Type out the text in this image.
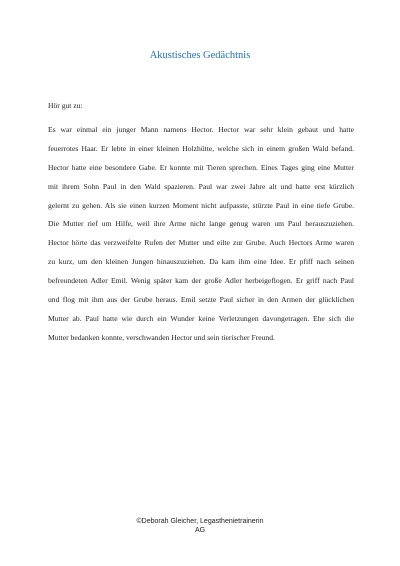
Akustisches Gedächtnis

Hör gut zu:

Es war einmal ein junger Mann namens Hector. Hector war sehr klein gebaut und hatte
feuerrotes Haar. Er lebte in einer kleinen Holzhütte, welche sich in einem großen Wald befand.
Hector hatte eine besondere Gabe. Er konnte mit Tieren sprechen. Eines Tages ging eine Mutter
mit ihrem Sohn Paul in den Wald spazieren. Paul war zwei Jahre alt und hatte erst kürzlich
gelernt zu gehen. Als sie einen kurzen Moment nicht aufpasste, stürzte Paul in eine tiefe Grube.
Die Mutter rief um Hilfe, weil ihre Arme nicht lange genug waren um Paul herauszuziehen.
Hector hörte das verzweifelte Rufen der Mutter und eilte zur Grube. Auch Hectors Arme waren
zu kurz, um den kleinen Jungen hinauszuziehen. Da kam ihm eine Idee. Er pfiff nach seinen
befreundeten Adler Emil. Wenig später kam der große Adler herbeigeflogen. Er griff nach Paul
und flog mit ihm aus der Grube heraus. Emil setzte Paul sicher in den Armen der glücklichen
Mutter ab. Paul hatte wie durch ein Wunder keine Verletzungen davongetragen. Ehe sich die
Mutter bedanken konnte, verschwanden Hector und sein tierischer Freund.
©Deborah Gleicher, Legasthenietrainerin
AG
